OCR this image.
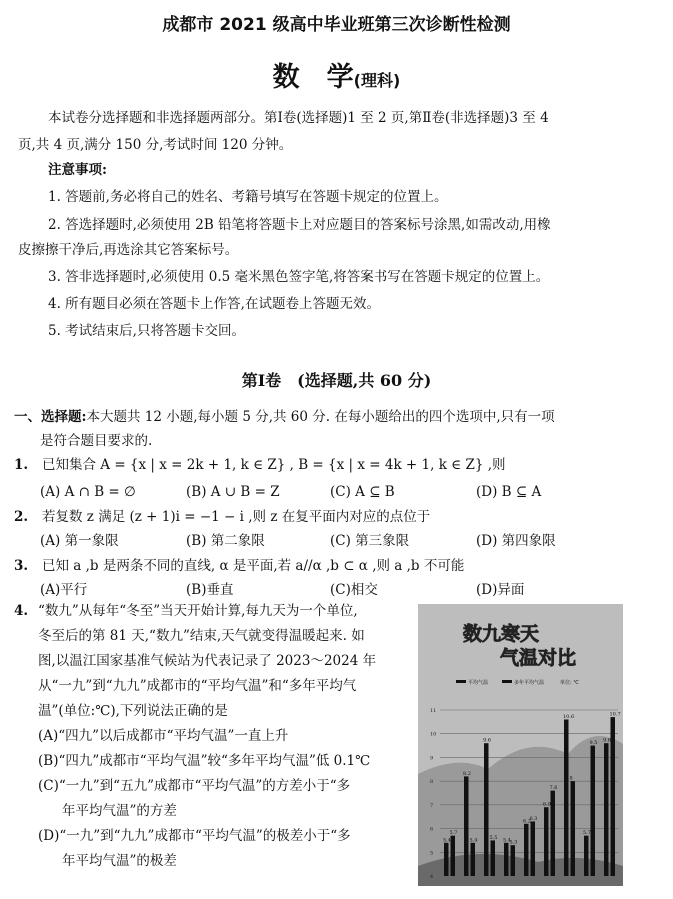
成都市 2021 级高中毕业班第三次诊断性检测
数　学(理科)
本试卷分选择题和非选择题两部分。第Ⅰ卷(选择题)1 至 2 页,第Ⅱ卷(非选择题)3 至 4
页,共 4 页,满分 150 分,考试时间 120 分钟。
注意事项:
1. 答题前,务必将自己的姓名、考籍号填写在答题卡规定的位置上。
2. 答选择题时,必须使用 2B 铅笔将答题卡上对应题目的答案标号涂黑,如需改动,用橡
皮擦擦干净后,再选涂其它答案标号。
3. 答非选择题时,必须使用 0.5 毫米黑色签字笔,将答案书写在答题卡规定的位置上。
4. 所有题目必须在答题卡上作答,在试题卷上答题无效。
5. 考试结束后,只将答题卡交回。
第Ⅰ卷　(选择题,共 60 分)
一、选择题:本大题共 12 小题,每小题 5 分,共 60 分. 在每小题给出的四个选项中,只有一项
是符合题目要求的.
1. 已知集合 A = {x | x = 2k + 1, k ∈ Z} , B = {x | x = 4k + 1, k ∈ Z} ,则
(A) A ∩ B = ∅	(B) A ∪ B = Z	(C) A ⊆ B	(D) B ⊆ A
2. 若复数 z 满足 (z + 1)i = −1 − i ,则 z 在复平面内对应的点位于
(A) 第一象限	(B) 第二象限	(C) 第三象限	(D) 第四象限
3. 已知 a ,b 是两条不同的直线, α 是平面,若 a//α ,b ⊂ α ,则 a ,b 不可能
(A)平行	(B)垂直	(C)相交	(D)异面
4. “数九”从每年“冬至”当天开始计算,每九天为一个单位,
冬至后的第 81 天,“数九”结束,天气就变得温暖起来. 如
图,以温江国家基准气候站为代表记录了 2023～2024 年
从“一九”到“九九”成都市的“平均气温”和“多年平均气
温”(单位:℃),下列说法正确的是
(A)“四九”以后成都市“平均气温”一直上升
(B)“四九”成都市“平均气温”较“多年平均气温”低 0.1℃
(C)“一九”到“五九”成都市“平均气温”的方差小于“多
年平均气温”的方差
(D)“一九”到“九九”成都市“平均气温”的极差小于“多
年平均气温”的极差
数九寒天
气温对比
平均气温	多年平均气温	单位: ℃
4
5
6
7
8
9
10
11
5.4
5.7
8.2
5.4
9.6
5.5 5.4
5.3
6.2
6.3
6.9
7.6
10.6
8
5.7
9.5 9.6
10.7
